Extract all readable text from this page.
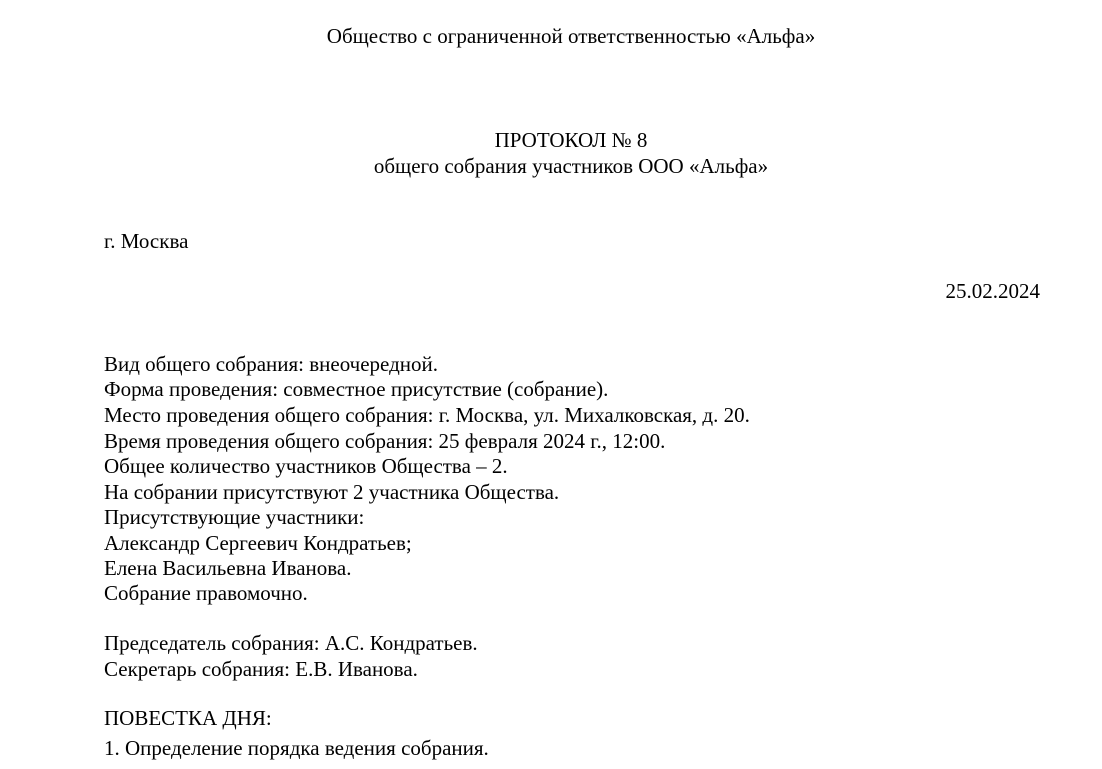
Общество с ограниченной ответственностью «Альфа»
ПРОТОКОЛ № 8
общего собрания участников ООО «Альфа»
г. Москва
25.02.2024
Вид общего собрания: внеочередной.
Форма проведения: совместное присутствие (собрание).
Место проведения общего собрания: г. Москва, ул. Михалковская, д. 20.
Время проведения общего собрания: 25 февраля 2024 г., 12:00.
Общее количество участников Общества – 2.
На собрании присутствуют 2 участника Общества.
Присутствующие участники:
Александр Сергеевич Кондратьев;
Елена Васильевна Иванова.
Собрание правомочно.
Председатель собрания: А.С. Кондратьев.
Секретарь собрания: Е.В. Иванова.
ПОВЕСТКА ДНЯ:
1. Определение порядка ведения собрания.
